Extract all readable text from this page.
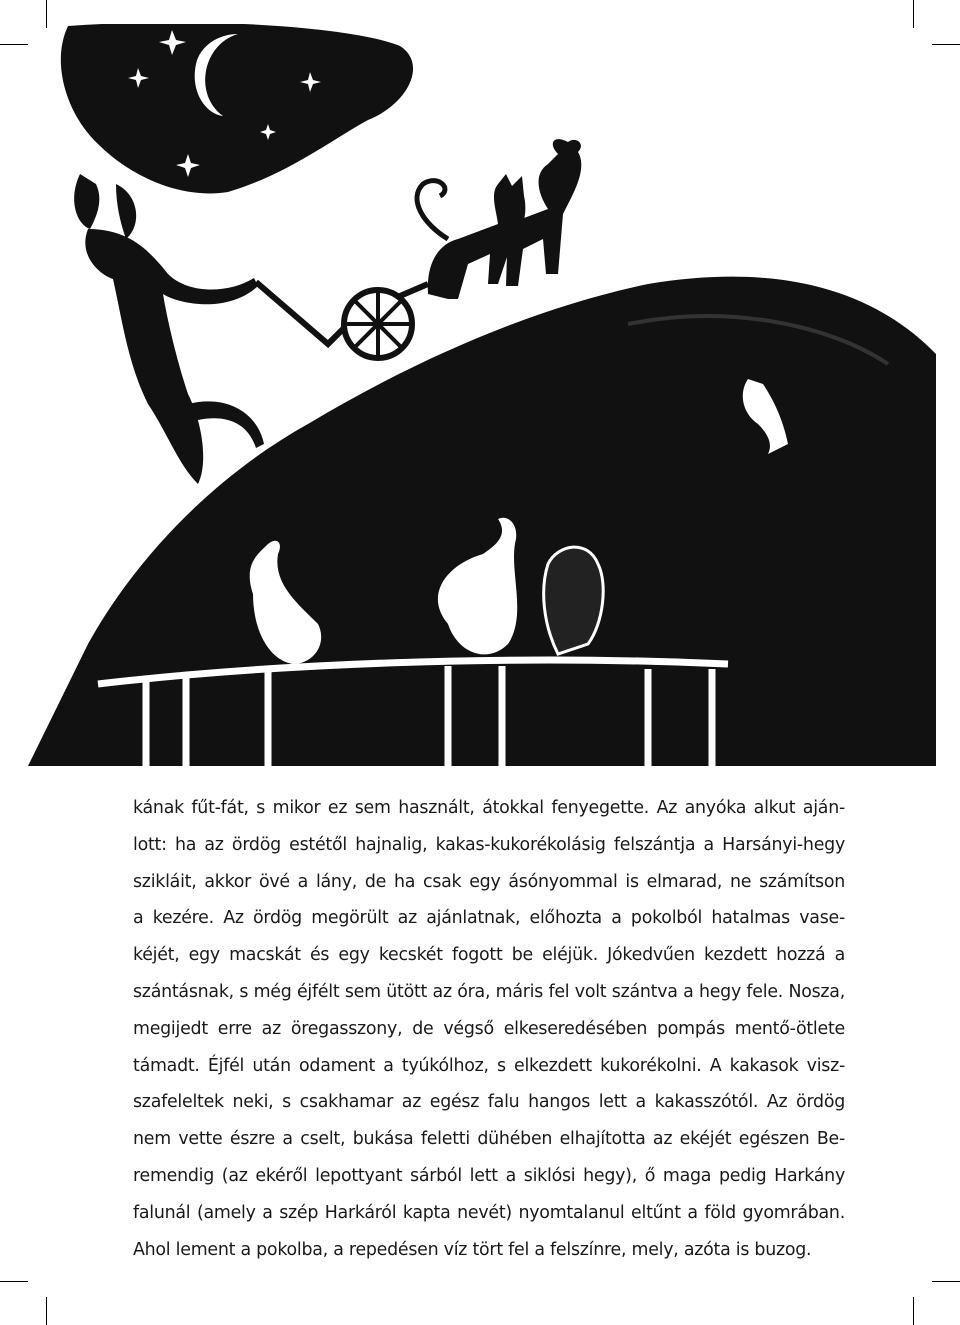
kának fűt-fát, s mikor ez sem használt, átokkal fenyegette. Az anyóka alkut aján-
lott: ha az ördög estétől hajnalig, kakas-kukorékolásig felszántja a Harsányi-hegy
szikláit, akkor övé a lány, de ha csak egy ásónyommal is elmarad, ne számítson
a kezére. Az ördög megörült az ajánlatnak, előhozta a pokolból hatalmas vase-
kéjét, egy macskát és egy kecskét fogott be eléjük. Jókedvűen kezdett hozzá a
szántásnak, s még éjfélt sem ütött az óra, máris fel volt szántva a hegy fele. Nosza,
megijedt erre az öregasszony, de végső elkeseredésében pompás mentő-ötlete
támadt. Éjfél után odament a tyúkólhoz, s elkezdett kukorékolni. A kakasok visz-
szafeleltek neki, s csakhamar az egész falu hangos lett a kakasszótól. Az ördög
nem vette észre a cselt, bukása feletti dühében elhajította az ekéjét egészen Be-
remendig (az ekéről lepottyant sárból lett a siklósi hegy), ő maga pedig Harkány
falunál (amely a szép Harkáról kapta nevét) nyomtalanul eltűnt a föld gyomrában.
Ahol lement a pokolba, a repedésen víz tört fel a felszínre, mely, azóta is buzog.
